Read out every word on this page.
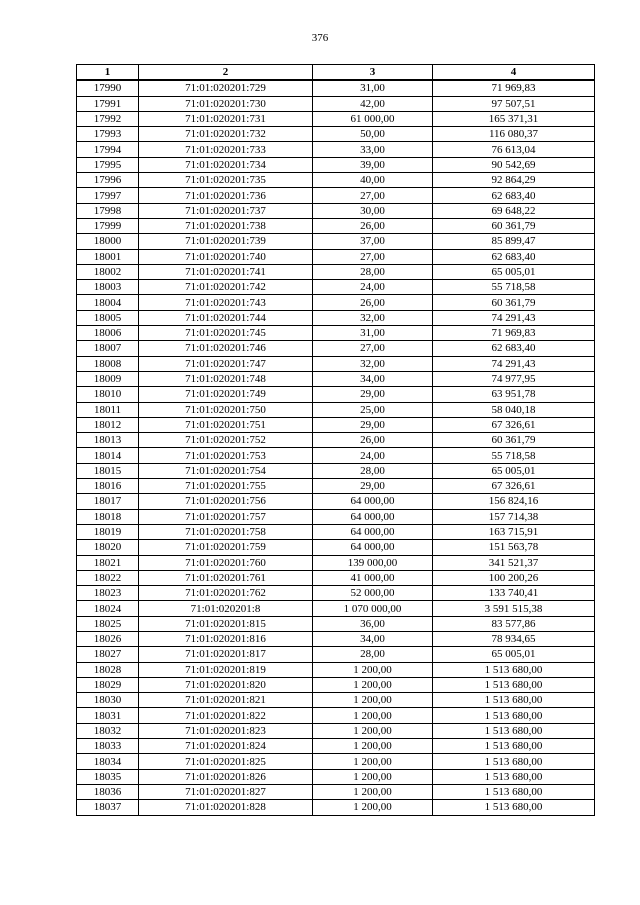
376
1	2	3	4
17990	71:01:020201:729	31,00	71 969,83
17991	71:01:020201:730	42,00	97 507,51
17992	71:01:020201:731	61 000,00	165 371,31
17993	71:01:020201:732	50,00	116 080,37
17994	71:01:020201:733	33,00	76 613,04
17995	71:01:020201:734	39,00	90 542,69
17996	71:01:020201:735	40,00	92 864,29
17997	71:01:020201:736	27,00	62 683,40
17998	71:01:020201:737	30,00	69 648,22
17999	71:01:020201:738	26,00	60 361,79
18000	71:01:020201:739	37,00	85 899,47
18001	71:01:020201:740	27,00	62 683,40
18002	71:01:020201:741	28,00	65 005,01
18003	71:01:020201:742	24,00	55 718,58
18004	71:01:020201:743	26,00	60 361,79
18005	71:01:020201:744	32,00	74 291,43
18006	71:01:020201:745	31,00	71 969,83
18007	71:01:020201:746	27,00	62 683,40
18008	71:01:020201:747	32,00	74 291,43
18009	71:01:020201:748	34,00	74 977,95
18010	71:01:020201:749	29,00	63 951,78
18011	71:01:020201:750	25,00	58 040,18
18012	71:01:020201:751	29,00	67 326,61
18013	71:01:020201:752	26,00	60 361,79
18014	71:01:020201:753	24,00	55 718,58
18015	71:01:020201:754	28,00	65 005,01
18016	71:01:020201:755	29,00	67 326,61
18017	71:01:020201:756	64 000,00	156 824,16
18018	71:01:020201:757	64 000,00	157 714,38
18019	71:01:020201:758	64 000,00	163 715,91
18020	71:01:020201:759	64 000,00	151 563,78
18021	71:01:020201:760	139 000,00	341 521,37
18022	71:01:020201:761	41 000,00	100 200,26
18023	71:01:020201:762	52 000,00	133 740,41
18024	71:01:020201:8	1 070 000,00	3 591 515,38
18025	71:01:020201:815	36,00	83 577,86
18026	71:01:020201:816	34,00	78 934,65
18027	71:01:020201:817	28,00	65 005,01
18028	71:01:020201:819	1 200,00	1 513 680,00
18029	71:01:020201:820	1 200,00	1 513 680,00
18030	71:01:020201:821	1 200,00	1 513 680,00
18031	71:01:020201:822	1 200,00	1 513 680,00
18032	71:01:020201:823	1 200,00	1 513 680,00
18033	71:01:020201:824	1 200,00	1 513 680,00
18034	71:01:020201:825	1 200,00	1 513 680,00
18035	71:01:020201:826	1 200,00	1 513 680,00
18036	71:01:020201:827	1 200,00	1 513 680,00
18037	71:01:020201:828	1 200,00	1 513 680,00
